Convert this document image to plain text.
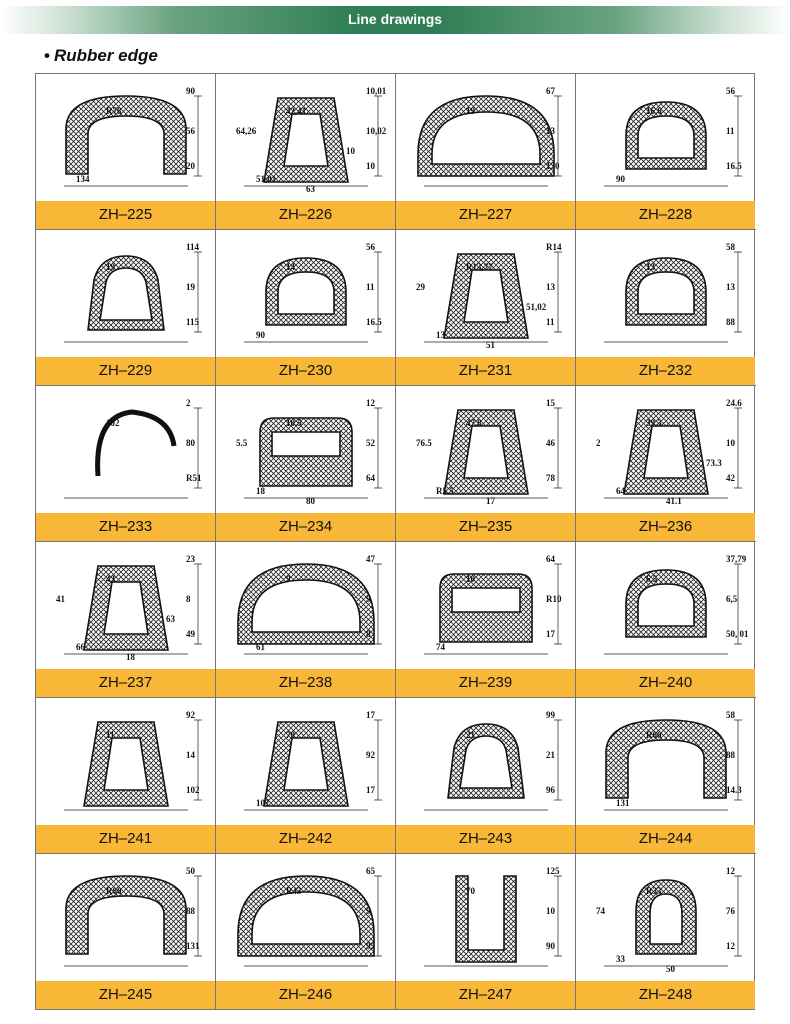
Line drawings
• Rubber edge
R78
90
56
20
134
ZH–225
42,41
10,01
10,02
10
51,01
63
64,26
10
ZH–226
19
67
13
130
ZH–227
16.6
56
11
16.5
90
ZH–228
19
114
19
115
ZH–229
14
56
11
16.5
90
ZH–230
R13,77
R14
13
11
13
51
29
51,02
ZH–231
13
58
13
88
ZH–232
102
2
80
R51
ZH–233
10.5
12
52
64
18
80
5.5
ZH–234
47.8
15
46
78
R5.5
17
76.5
ZH–235
39.3
24.6
10
42
64
41.1
2
73.3
ZH–236
43
23
8
49
66
18
41
63
ZH–237
9
47
9
8
61
ZH–238
10
64
R10
17
74
ZH–239
6,5
37,79
6,5
50, 01
ZH–240
11
92
14
102
ZH–241
70
17
92
17
107
ZH–242
21
99
21
96
ZH–243
R60
58
88
14.3
131
ZH–244
R60
50
88
131
ZH–245
R43
65
9
95
ZH–246
70
125
10
90
ZH–247
R33
12
76
12
33
50
74
ZH–248
